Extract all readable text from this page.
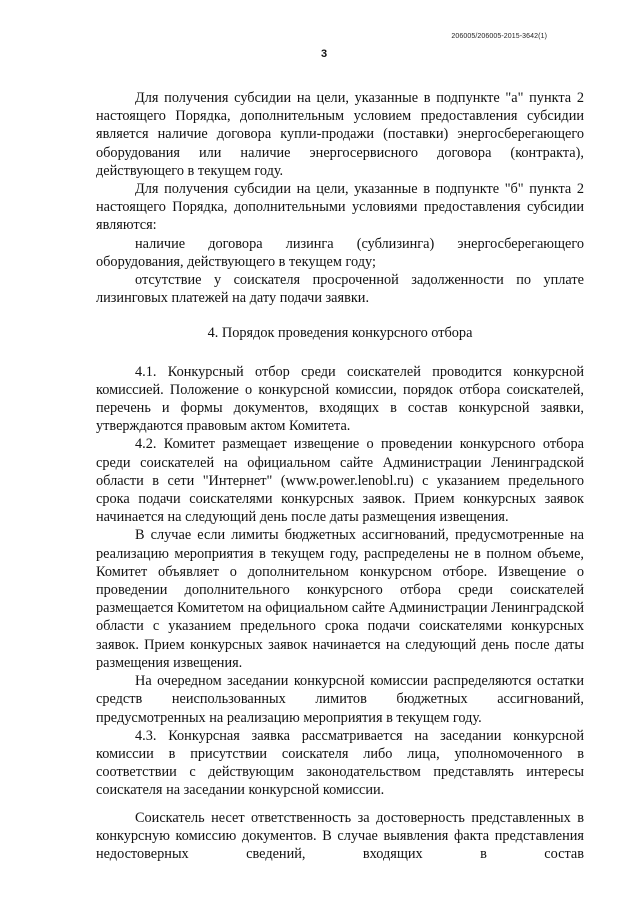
206005/206005-2015-3642(1)
3

Для получения субсидии на цели, указанные в подпункте "а" пункта 2 настоящего Порядка, дополнительным условием предоставления субсидии является наличие договора купли-продажи (поставки) энергосберегающего оборудования или наличие энергосервисного договора (контракта), действующего в текущем году.

Для получения субсидии на цели, указанные в подпункте "б" пункта 2 настоящего Порядка, дополнительными условиями предоставления субсидии являются:

наличие договора лизинга (сублизинга) энергосберегающего оборудования, действующего в текущем году;

отсутствие у соискателя просроченной задолженности по уплате лизинговых платежей на дату подачи заявки.

4. Порядок проведения конкурсного отбора

4.1. Конкурсный отбор среди соискателей проводится конкурсной комиссией. Положение о конкурсной комиссии, порядок отбора соискателей, перечень и формы документов, входящих в состав конкурсной заявки, утверждаются правовым актом Комитета.

4.2. Комитет размещает извещение о проведении конкурсного отбора среди соискателей на официальном сайте Администрации Ленинградской области в сети "Интернет" (www.power.lenobl.ru) с указанием предельного срока подачи соискателями конкурсных заявок. Прием конкурсных заявок начинается на следующий день после даты размещения извещения.

В случае если лимиты бюджетных ассигнований, предусмотренные на реализацию мероприятия в текущем году, распределены не в полном объеме, Комитет объявляет о дополнительном конкурсном отборе. Извещение о проведении дополнительного конкурсного отбора среди соискателей размещается Комитетом на официальном сайте Администрации Ленинградской области с указанием предельного срока подачи соискателями конкурсных заявок. Прием конкурсных заявок начинается на следующий день после даты размещения извещения.

На очередном заседании конкурсной комиссии распределяются остатки средств неиспользованных лимитов бюджетных ассигнований, предусмотренных на реализацию мероприятия в текущем году.

4.3. Конкурсная заявка рассматривается на заседании конкурсной комиссии в присутствии соискателя либо лица, уполномоченного в соответствии с действующим законодательством представлять интересы соискателя на заседании конкурсной комиссии.

Соискатель несет ответственность за достоверность представленных в конкурсную комиссию документов. В случае выявления факта представления недостоверных сведений, входящих в состав
